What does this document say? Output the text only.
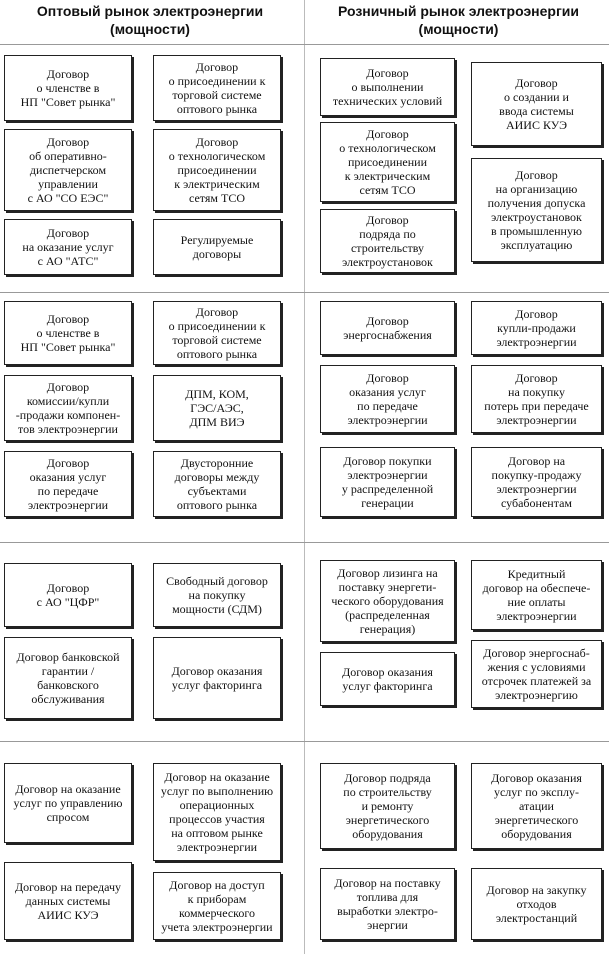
Оптовый рынок электроэнергии
(мощности)
Розничный рынок электроэнергии
(мощности)
Договор
о членстве в
НП "Совет рынка"
Договор
о присоединении к
торговой системе
оптового рынка
Договор
об оперативно-
диспетчерском
управлении
с АО "СО ЕЭС"
Договор
о технологическом
присоединении
к электрическим
сетям ТСО
Договор
на оказание услуг
с АО "АТС"
Регулируемые
договоры
Договор
о выполнении
технических условий
Договор
о создании и
ввода системы
АИИС КУЭ
Договор
о технологическом
присоединении
к электрическим
сетям ТСО
Договор
на организацию
получения допуска
электроустановок
в промышленную
эксплуатацию
Договор
подряда по
строительству
электроустановок
Договор
о членстве в
НП "Совет рынка"
Договор
о присоединении к
торговой системе
оптового рынка
Договор
комиссии/купли
-продажи компонен-
тов электроэнергии
ДПМ, КОМ,
ГЭС/АЭС,
ДПМ ВИЭ
Договор
оказания услуг
по передаче
электроэнергии
Двусторонние
договоры между
субъектами
оптового рынка
Договор
энергоснабжения
Договор
купли-продажи
электроэнергии
Договор
оказания услуг
по передаче
электроэнергии
Договор
на покупку
потерь при передаче
электроэнергии
Договор покупки
электроэнергии
у распределенной
генерации
Договор на
покупку-продажу
электроэнергии
субабонентам
Договор
с АО "ЦФР"
Свободный договор
на покупку
мощности (СДМ)
Договор банковской
гарантии /
банковского
обслуживания
Договор оказания
услуг факторинга
Договор лизинга на
поставку энергети-
ческого оборудования
(распределенная
генерация)
Кредитный
договор на обеспече-
ние оплаты
электроэнергии
Договор оказания
услуг факторинга
Договор энергоснаб-
жения с условиями
отсрочек платежей за
электроэнергию
Договор на оказание
услуг по управлению
спросом
Договор на оказание
услуг по выполнению
операционных
процессов участия
на оптовом рынке
электроэнергии
Договор на передачу
данных системы
АИИС КУЭ
Договор на доступ
к приборам
коммерческого
учета электроэнергии
Договор подряда
по строительству
и ремонту
энергетического
оборудования
Договор оказания
услуг по эксплу-
атации
энергетического
оборудования
Договор на поставку
топлива для
выработки электро-
энергии
Договор на закупку
отходов
электростанций
